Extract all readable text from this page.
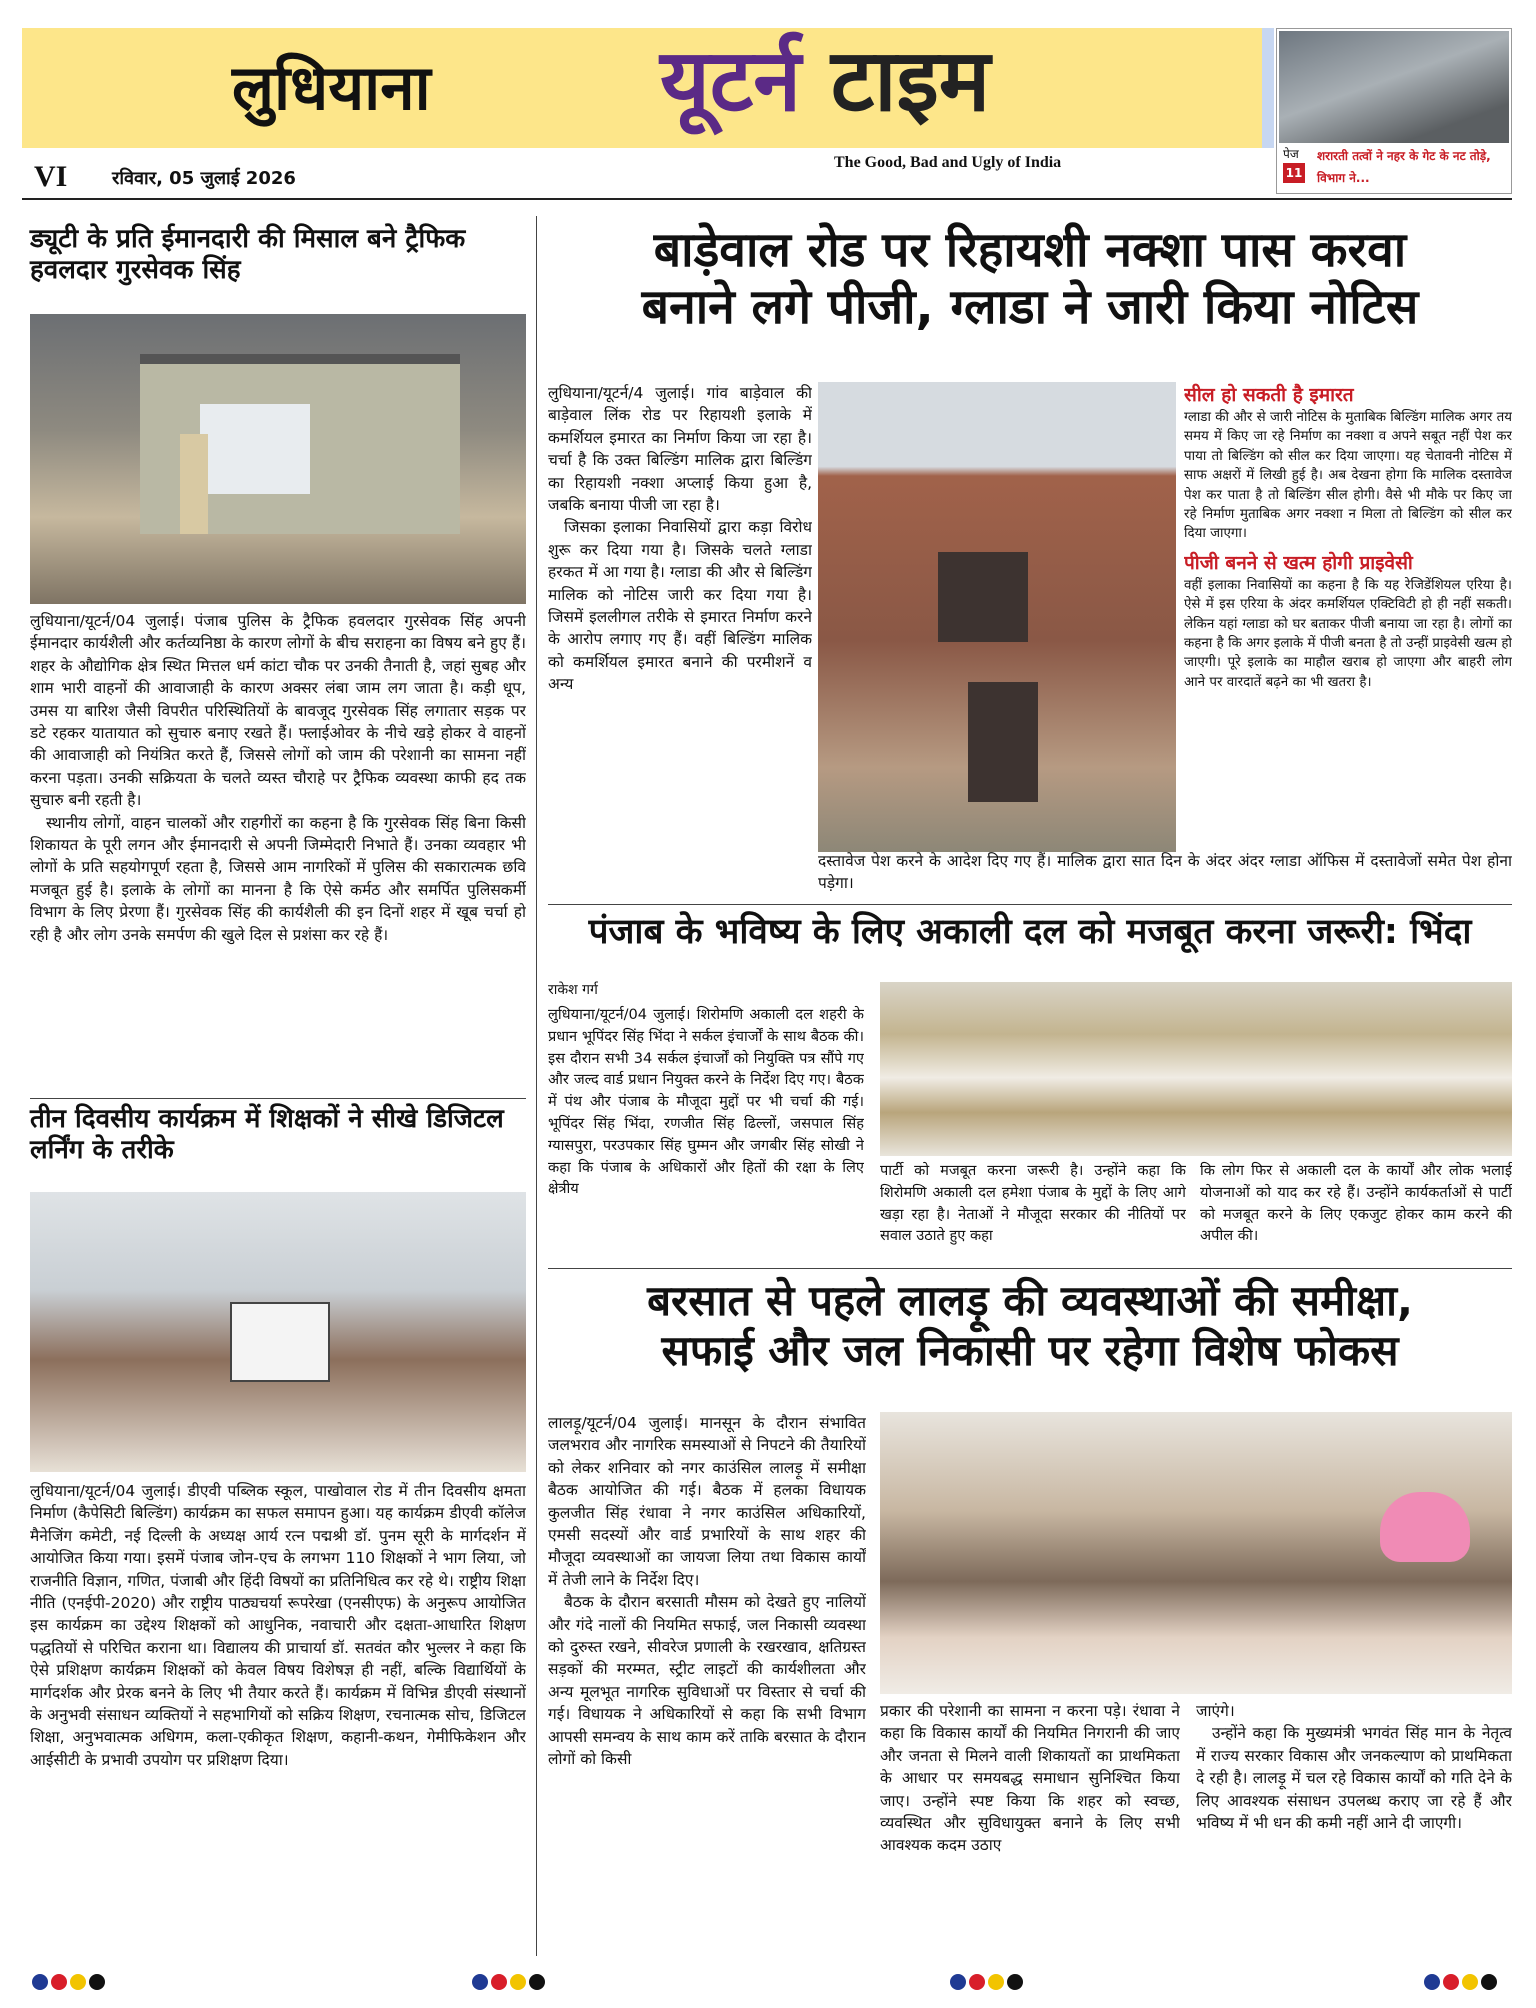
लुधियाना	यूटर्न टाइम
The Good, Bad and Ugly of India
VI रविवार, 05 जुलाई 2026
पेज
11
शरारती तत्वों ने नहर के गेट के नट तोड़े, विभाग ने...
ड्यूटी के प्रति ईमानदारी की मिसाल बने ट्रैफिक हवलदार गुरसेवक सिंह

लुधियाना/यूटर्न/04 जुलाई। पंजाब पुलिस के ट्रैफिक हवलदार गुरसेवक सिंह अपनी ईमानदार कार्यशैली और कर्तव्यनिष्ठा के कारण लोगों के बीच सराहना का विषय बने हुए हैं। शहर के औद्योगिक क्षेत्र स्थित मित्तल धर्म कांटा चौक पर उनकी तैनाती है, जहां सुबह और शाम भारी वाहनों की आवाजाही के कारण अक्सर लंबा जाम लग जाता है। कड़ी धूप, उमस या बारिश जैसी विपरीत परिस्थितियों के बावजूद गुरसेवक सिंह लगातार सड़क पर डटे रहकर यातायात को सुचारु बनाए रखते हैं। फ्लाईओवर के नीचे खड़े होकर वे वाहनों की आवाजाही को नियंत्रित करते हैं, जिससे लोगों को जाम की परेशानी का सामना नहीं करना पड़ता। उनकी सक्रियता के चलते व्यस्त चौराहे पर ट्रैफिक व्यवस्था काफी हद तक सुचारु बनी रहती है।

स्थानीय लोगों, वाहन चालकों और राहगीरों का कहना है कि गुरसेवक सिंह बिना किसी शिकायत के पूरी लगन और ईमानदारी से अपनी जिम्मेदारी निभाते हैं। उनका व्यवहार भी लोगों के प्रति सहयोगपूर्ण रहता है, जिससे आम नागरिकों में पुलिस की सकारात्मक छवि मजबूत हुई है। इलाके के लोगों का मानना है कि ऐसे कर्मठ और समर्पित पुलिसकर्मी विभाग के लिए प्रेरणा हैं। गुरसेवक सिंह की कार्यशैली की इन दिनों शहर में खूब चर्चा हो रही है और लोग उनके समर्पण की खुले दिल से प्रशंसा कर रहे हैं।

तीन दिवसीय कार्यक्रम में शिक्षकों ने सीखे डिजिटल लर्निंग के तरीके

लुधियाना/यूटर्न/04 जुलाई। डीएवी पब्लिक स्कूल, पाखोवाल रोड में तीन दिवसीय क्षमता निर्माण (कैपेसिटी बिल्डिंग) कार्यक्रम का सफल समापन हुआ। यह कार्यक्रम डीएवी कॉलेज मैनेजिंग कमेटी, नई दिल्ली के अध्यक्ष आर्य रत्न पद्मश्री डॉ. पुनम सूरी के मार्गदर्शन में आयोजित किया गया। इसमें पंजाब जोन-एच के लगभग 110 शिक्षकों ने भाग लिया, जो राजनीति विज्ञान, गणित, पंजाबी और हिंदी विषयों का प्रतिनिधित्व कर रहे थे। राष्ट्रीय शिक्षा नीति (एनईपी-2020) और राष्ट्रीय पाठ्यचर्या रूपरेखा (एनसीएफ) के अनुरूप आयोजित इस कार्यक्रम का उद्देश्य शिक्षकों को आधुनिक, नवाचारी और दक्षता-आधारित शिक्षण पद्धतियों से परिचित कराना था। विद्यालय की प्राचार्या डॉ. सतवंत कौर भुल्लर ने कहा कि ऐसे प्रशिक्षण कार्यक्रम शिक्षकों को केवल विषय विशेषज्ञ ही नहीं, बल्कि विद्यार्थियों के मार्गदर्शक और प्रेरक बनने के लिए भी तैयार करते हैं। कार्यक्रम में विभिन्न डीएवी संस्थानों के अनुभवी संसाधन व्यक्तियों ने सहभागियों को सक्रिय शिक्षण, रचनात्मक सोच, डिजिटल शिक्षा, अनुभवात्मक अधिगम, कला-एकीकृत शिक्षण, कहानी-कथन, गेमीफिकेशन और आईसीटी के प्रभावी उपयोग पर प्रशिक्षण दिया।

बाड़ेवाल रोड पर रिहायशी नक्शा पास करवा
बनाने लगे पीजी, ग्लाडा ने जारी किया नोटिस

लुधियाना/यूटर्न/4 जुलाई। गांव बाड़ेवाल की बाड़ेवाल लिंक रोड पर रिहायशी इलाके में कमर्शियल इमारत का निर्माण किया जा रहा है। चर्चा है कि उक्त बिल्डिंग मालिक द्वारा बिल्डिंग का रिहायशी नक्शा अप्लाई किया हुआ है, जबकि बनाया पीजी जा रहा है।

जिसका इलाका निवासियों द्वारा कड़ा विरोध शुरू कर दिया गया है। जिसके चलते ग्लाडा हरकत में आ गया है। ग्लाडा की और से बिल्डिंग मालिक को नोटिस जारी कर दिया गया है। जिसमें इललीगल तरीके से इमारत निर्माण करने के आरोप लगाए गए हैं। वहीं बिल्डिंग मालिक को कमर्शियल इमारत बनाने की परमीशनें व अन्य

दस्तावेज पेश करने के आदेश दिए गए हैं। मालिक द्वारा सात दिन के अंदर अंदर ग्लाडा ऑफिस में दस्तावेजों समेत पेश होना पड़ेगा।
सील हो सकती है इमारत
ग्लाडा की और से जारी नोटिस के मुताबिक बिल्डिंग मालिक अगर तय समय में किए जा रहे निर्माण का नक्शा व अपने सबूत नहीं पेश कर पाया तो बिल्डिंग को सील कर दिया जाएगा। यह चेतावनी नोटिस में साफ अक्षरों में लिखी हुई है। अब देखना होगा कि मालिक दस्तावेज पेश कर पाता है तो बिल्डिंग सील होगी। वैसे भी मौके पर किए जा रहे निर्माण मुताबिक अगर नक्शा न मिला तो बिल्डिंग को सील कर दिया जाएगा।
पीजी बनने से खत्म होगी प्राइवेसी
वहीं इलाका निवासियों का कहना है कि यह रेजिडेंशियल एरिया है। ऐसे में इस एरिया के अंदर कमर्शियल एक्टिविटी हो ही नहीं सकती। लेकिन यहां ग्लाडा को घर बताकर पीजी बनाया जा रहा है। लोगों का कहना है कि अगर इलाके में पीजी बनता है तो उन्हीं प्राइवेसी खत्म हो जाएगी। पूरे इलाके का माहौल खराब हो जाएगा और बाहरी लोग आने पर वारदातें बढ़ने का भी खतरा है।
पंजाब के भविष्य के लिए अकाली दल को मजबूत करना जरूरी: भिंदा
राकेश गर्ग
लुधियाना/यूटर्न/04 जुलाई। शिरोमणि अकाली दल शहरी के प्रधान भूपिंदर सिंह भिंदा ने सर्कल इंचार्जों के साथ बैठक की। इस दौरान सभी 34 सर्कल इंचार्जों को नियुक्ति पत्र सौंपे गए और जल्द वार्ड प्रधान नियुक्त करने के निर्देश दिए गए। बैठक में पंथ और पंजाब के मौजूदा मुद्दों पर भी चर्चा की गई। भूपिंदर सिंह भिंदा, रणजीत सिंह ढिल्लों, जसपाल सिंह ग्यासपुरा, परउपकार सिंह घुम्मन और जगबीर सिंह सोखी ने कहा कि पंजाब के अधिकारों और हितों की रक्षा के लिए क्षेत्रीय
पार्टी को मजबूत करना जरूरी है। उन्होंने कहा कि शिरोमणि अकाली दल हमेशा पंजाब के मुद्दों के लिए आगे खड़ा रहा है। नेताओं ने मौजूदा सरकार की नीतियों पर सवाल उठाते हुए कहा
कि लोग फिर से अकाली दल के कार्यों और लोक भलाई योजनाओं को याद कर रहे हैं। उन्होंने कार्यकर्ताओं से पार्टी को मजबूत करने के लिए एकजुट होकर काम करने की अपील की।
बरसात से पहले लालड़ू की व्यवस्थाओं की समीक्षा,
सफाई और जल निकासी पर रहेगा विशेष फोकस

लालड़ू/यूटर्न/04 जुलाई। मानसून के दौरान संभावित जलभराव और नागरिक समस्याओं से निपटने की तैयारियों को लेकर शनिवार को नगर काउंसिल लालड़ू में समीक्षा बैठक आयोजित की गई। बैठक में हलका विधायक कुलजीत सिंह रंधावा ने नगर काउंसिल अधिकारियों, एमसी सदस्यों और वार्ड प्रभारियों के साथ शहर की मौजूदा व्यवस्थाओं का जायजा लिया तथा विकास कार्यों में तेजी लाने के निर्देश दिए।

बैठक के दौरान बरसाती मौसम को देखते हुए नालियों और गंदे नालों की नियमित सफाई, जल निकासी व्यवस्था को दुरुस्त रखने, सीवरेज प्रणाली के रखरखाव, क्षतिग्रस्त सड़कों की मरम्मत, स्ट्रीट लाइटों की कार्यशीलता और अन्य मूलभूत नागरिक सुविधाओं पर विस्तार से चर्चा की गई। विधायक ने अधिकारियों से कहा कि सभी विभाग आपसी समन्वय के साथ काम करें ताकि बरसात के दौरान लोगों को किसी

प्रकार की परेशानी का सामना न करना पड़े। रंधावा ने कहा कि विकास कार्यों की नियमित निगरानी की जाए और जनता से मिलने वाली शिकायतों का प्राथमिकता के आधार पर समयबद्ध समाधान सुनिश्चित किया जाए। उन्होंने स्पष्ट किया कि शहर को स्वच्छ, व्यवस्थित और सुविधायुक्त बनाने के लिए सभी आवश्यक कदम उठाए

जाएंगे।

उन्होंने कहा कि मुख्यमंत्री भगवंत सिंह मान के नेतृत्व में राज्य सरकार विकास और जनकल्याण को प्राथमिकता दे रही है। लालड़ू में चल रहे विकास कार्यों को गति देने के लिए आवश्यक संसाधन उपलब्ध कराए जा रहे हैं और भविष्य में भी धन की कमी नहीं आने दी जाएगी।
